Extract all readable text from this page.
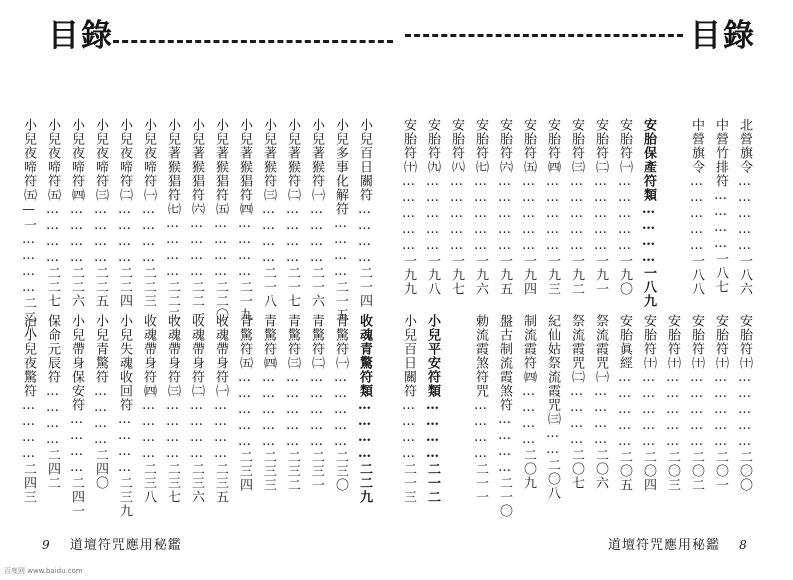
目錄	目錄
北營旗令……………一八六
中營竹排符…………一八七
中營旗令……………一八八
安胎保產符類…………一八九
安胎符㈠……………一九〇
安胎符㈡……………一九一
安胎符㈢……………一九二
安胎符㈣……………一九三
安胎符㈤……………一九四
安胎符㈥……………一九五
安胎符㈦……………一九六
安胎符㈧……………一九七
安胎符㈨……………一九八
安胎符㈩……………一九九
安胎符㈩……………二〇〇
安胎符㈩……………二〇一
安胎符㈩……………二〇二
安胎符㈩……………二〇三
安胎符㈩……………二〇四
安胎眞經……………二〇五
祭流霞咒㈠…………二〇六
祭流霞咒㈡…………二〇七
紀仙姑祭流霞咒㈢……二〇八
制流霞符㈣…………二〇九
盤古制流霞煞符…………二一〇
勅流霞煞符咒…………二一一
小兒平安符類…………二一二
小兒百日關符…………二一三
小兒百日關符…………二一四
小兒多事化解符…………二一五
小兒著猴符㈠…………二一六
小兒著猴符㈡…………二一七
小兒著猴符㈢…………二一八
小兒著猴猖符㈣…………二一九
小兒著猴猖符㈤…………二二〇
小兒著猴猖符㈥…………二二一
小兒著猴猖符㈦…………二二二
小兒夜啼符㈠…………二二三
小兒夜啼符㈡…………二二四
小兒夜啼符㈢…………二二五
小兒夜啼符㈣…………二二六
小兒夜啼符㈤…………二二七
小兒夜啼符㈤—一…………二二八
收魂青驚符類…………二二九
青驚符㈠……………二三〇
青驚符㈡……………二三一
青驚符㈢……………二三二
青驚符㈣……………二三三
青驚符㈤……………二三四
收魂帶身符㈠…………二三五
收魂帶身符㈡…………二三六
收魂帶身符㈢…………二三七
收魂帶身符㈣…………二三八
小兒失魂收回符…………二三九
小兒青驚符…………二四〇
小兒帶身保安符…………二四一
保命元辰符…………二四二
治小兒夜驚符…………二四三
9 道壇符咒應用秘鑑	道壇符咒應用秘鑑 8
百度网 www.baidu.com
